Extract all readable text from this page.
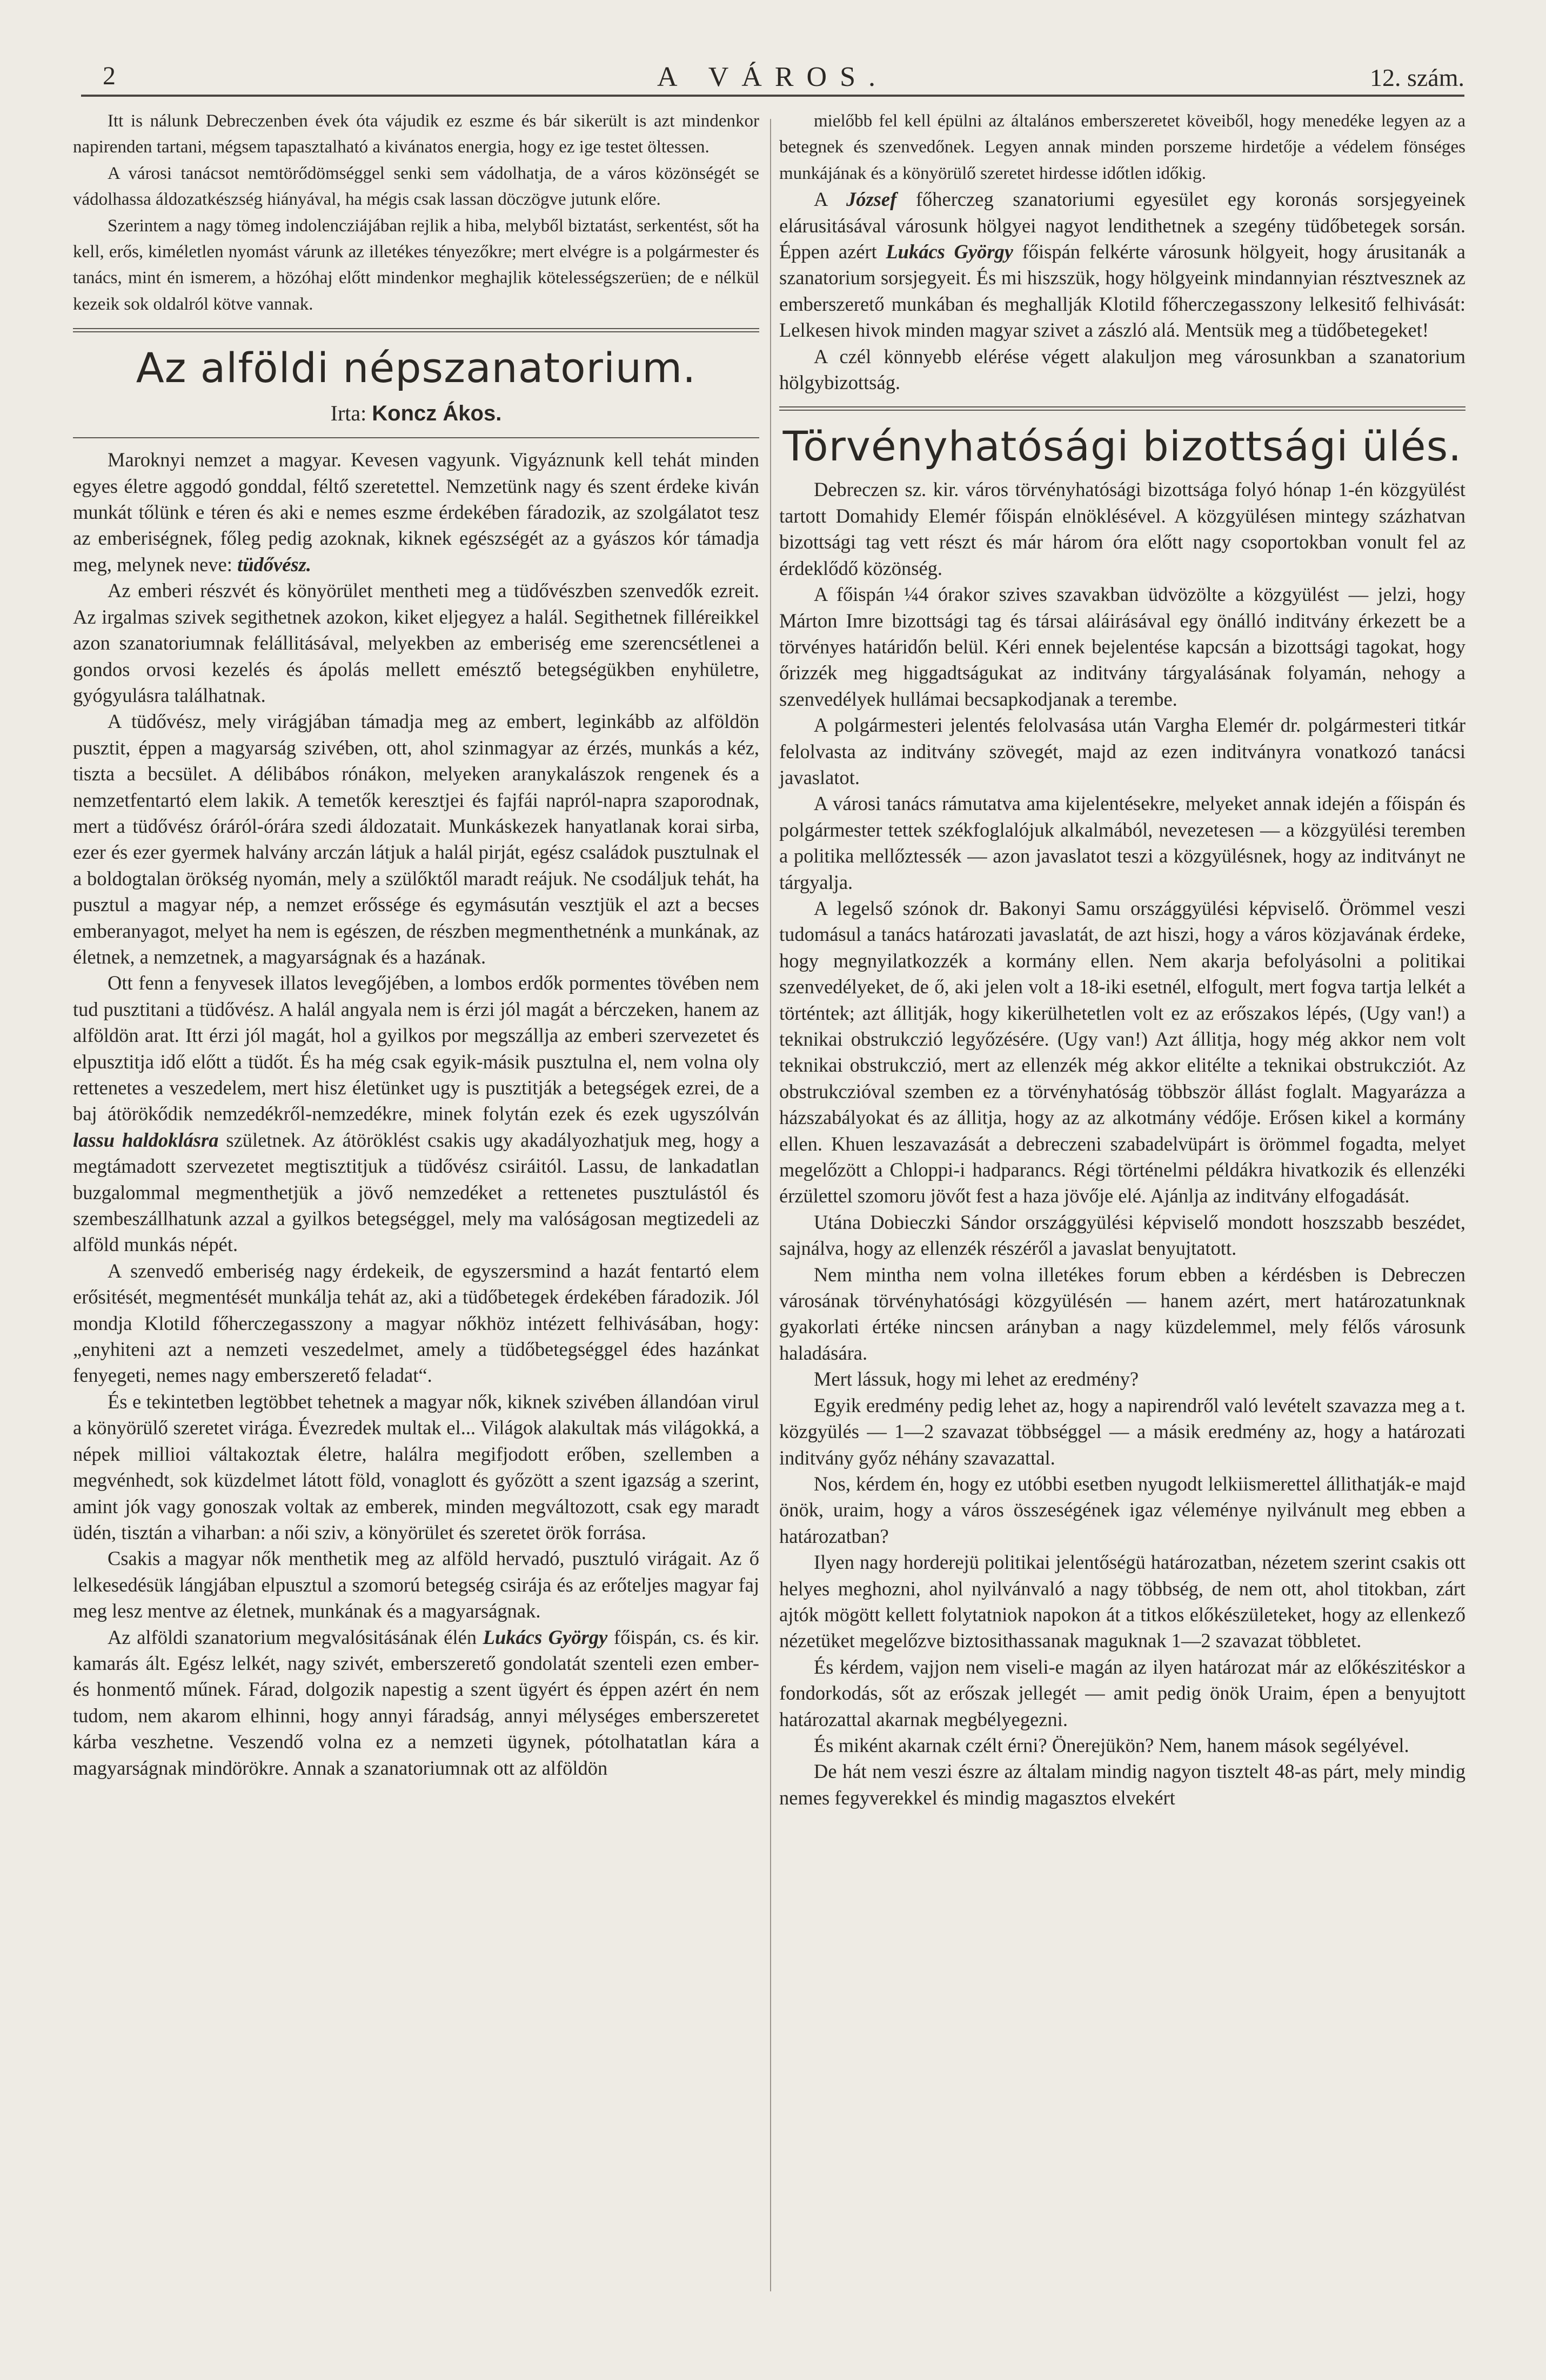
2	A VÁROS.	12. szám.

Itt is nálunk Debreczenben évek óta vájudik ez eszme és bár sikerült is azt mindenkor napirenden tartani, mégsem tapasztalható a kivánatos energia, hogy ez ige testet öltessen.

A városi tanácsot nemtörődömséggel senki sem vádolhatja, de a város közönségét se vádolhassa áldozatkészség hiányával, ha mégis csak lassan döczögve jutunk előre.

Szerintem a nagy tömeg indolencziájában rejlik a hiba, melyből biztatást, serkentést, sőt ha kell, erős, kiméletlen nyomást várunk az illetékes tényezőkre; mert elvégre is a polgármester és tanács, mint én ismerem, a hözóhaj előtt mindenkor meghajlik kötelességszerüen; de e nélkül kezeik sok oldalról kötve vannak.

Az alföldi népszanatorium.
Irta: Koncz Ákos.

Maroknyi nemzet a magyar. Kevesen vagyunk. Vigyáznunk kell tehát minden egyes életre aggodó gonddal, féltő szeretettel. Nemzetünk nagy és szent érdeke kiván munkát tőlünk e téren és aki e nemes eszme érdekében fáradozik, az szolgálatot tesz az emberiségnek, főleg pedig azoknak, kiknek egészségét az a gyászos kór támadja meg, melynek neve: tüdővész.

Az emberi részvét és könyörület mentheti meg a tüdővészben szenvedők ezreit. Az irgalmas szivek segithetnek azokon, kiket eljegyez a halál. Segithetnek filléreikkel azon szanatoriumnak felállitásával, melyekben az emberiség eme szerencsétlenei a gondos orvosi kezelés és ápolás mellett emésztő betegségükben enyhületre, gyógyulásra találhatnak.

A tüdővész, mely virágjában támadja meg az embert, leginkább az alföldön pusztit, éppen a magyarság szivében, ott, ahol szinmagyar az érzés, munkás a kéz, tiszta a becsület. A délibábos rónákon, melyeken aranykalászok rengenek és a nemzetfentartó elem lakik. A temetők keresztjei és fajfái napról-napra szaporodnak, mert a tüdővész óráról-órára szedi áldozatait. Munkáskezek hanyatlanak korai sirba, ezer és ezer gyermek halvány arczán látjuk a halál pirját, egész családok pusztulnak el a boldogtalan örökség nyomán, mely a szülőktől maradt reájuk. Ne csodáljuk tehát, ha pusztul a magyar nép, a nemzet erőssége és egymásután vesztjük el azt a becses emberanyagot, melyet ha nem is egészen, de részben megmenthetnénk a munkának, az életnek, a nemzetnek, a magyarságnak és a hazának.

Ott fenn a fenyvesek illatos levegőjében, a lombos erdők pormentes tövében nem tud pusztitani a tüdővész. A halál angyala nem is érzi jól magát a bérczeken, hanem az alföldön arat. Itt érzi jól magát, hol a gyilkos por megszállja az emberi szervezetet és elpusztitja idő előtt a tüdőt. És ha még csak egyik-másik pusztulna el, nem volna oly rettenetes a veszedelem, mert hisz életünket ugy is pusztitják a betegségek ezrei, de a baj átörökődik nemzedékről-nemzedékre, minek folytán ezek és ezek ugyszólván lassu haldoklásra születnek. Az átöröklést csakis ugy akadályozhatjuk meg, hogy a megtámadott szervezetet megtisztitjuk a tüdővész csiráitól. Lassu, de lankadatlan buzgalommal megmenthetjük a jövő nemzedéket a rettenetes pusztulástól és szembeszállhatunk azzal a gyilkos betegséggel, mely ma valóságosan megtizedeli az alföld munkás népét.

A szenvedő emberiség nagy érdekeik, de egyszersmind a hazát fentartó elem erősitését, megmentését munkálja tehát az, aki a tüdőbetegek érdekében fáradozik. Jól mondja Klotild főherczegasszony a magyar nőkhöz intézett felhivásában, hogy: „enyhiteni azt a nemzeti veszedelmet, amely a tüdőbetegséggel édes hazánkat fenyegeti, nemes nagy emberszerető feladat“.

És e tekintetben legtöbbet tehetnek a magyar nők, kiknek szivében állandóan virul a könyörülő szeretet virága. Évezredek multak el... Világok alakultak más világokká, a népek millioi váltakoztak életre, halálra megifjodott erőben, szellemben a megvénhedt, sok küzdelmet látott föld, vonaglott és győzött a szent igazság a szerint, amint jók vagy gonoszak voltak az emberek, minden megváltozott, csak egy maradt üdén, tisztán a viharban: a női sziv, a könyörület és szeretet örök forrása.

Csakis a magyar nők menthetik meg az alföld hervadó, pusztuló virágait. Az ő lelkesedésük lángjában elpusztul a szomorú betegség csirája és az erőteljes magyar faj meg lesz mentve az életnek, munkának és a magyarságnak.

Az alföldi szanatorium megvalósitásának élén Lukács György főispán, cs. és kir. kamarás ált. Egész lelkét, nagy szivét, emberszerető gondolatát szenteli ezen ember- és honmentő műnek. Fárad, dolgozik napestig a szent ügyért és éppen azért én nem tudom, nem akarom elhinni, hogy annyi fáradság, annyi mélységes emberszeretet kárba veszhetne. Veszendő volna ez a nemzeti ügynek, pótolhatatlan kára a magyarságnak mindörökre. Annak a szanatoriumnak ott az alföldön

mielőbb fel kell épülni az általános emberszeretet köveiből, hogy menedéke legyen az a betegnek és szenvedőnek. Legyen annak minden porszeme hirdetője a védelem fönséges munkájának és a könyörülő szeretet hirdesse időtlen időkig.

A József főherczeg szanatoriumi egyesület egy koronás sorsjegyeinek elárusitásával városunk hölgyei nagyot lendithetnek a szegény tüdőbetegek sorsán. Éppen azért Lukács György főispán felkérte városunk hölgyeit, hogy árusitanák a szanatorium sorsjegyeit. És mi hiszszük, hogy hölgyeink mindannyian résztvesznek az emberszerető munkában és meghallják Klotild főherczegasszony lelkesitő felhivását: Lelkesen hivok minden magyar szivet a zászló alá. Mentsük meg a tüdőbetegeket!

A czél könnyebb elérése végett alakuljon meg városunkban a szanatorium hölgybizottság.

Törvényhatósági bizottsági ülés.

Debreczen sz. kir. város törvényhatósági bizottsága folyó hónap 1-én közgyülést tartott Domahidy Elemér főispán elnöklésével. A közgyülésen mintegy százhatvan bizottsági tag vett részt és már három óra előtt nagy csoportokban vonult fel az érdeklődő közönség.

A főispán ¼4 órakor szives szavakban üdvözölte a közgyülést — jelzi, hogy Márton Imre bizottsági tag és társai aláirásával egy önálló inditvány érkezett be a törvényes határidőn belül. Kéri ennek bejelentése kapcsán a bizottsági tagokat, hogy őrizzék meg higgadtságukat az inditvány tárgyalásának folyamán, nehogy a szenvedélyek hullámai becsapkodjanak a terembe.

A polgármesteri jelentés felolvasása után Vargha Elemér dr. polgármesteri titkár felolvasta az inditvány szövegét, majd az ezen inditványra vonatkozó tanácsi javaslatot.

A városi tanács rámutatva ama kijelentésekre, melyeket annak idején a főispán és polgármester tettek székfoglalójuk alkalmából, nevezetesen — a közgyülési teremben a politika mellőztessék — azon javaslatot teszi a közgyülésnek, hogy az inditványt ne tárgyalja.

A legelső szónok dr. Bakonyi Samu országgyülési képviselő. Örömmel veszi tudomásul a tanács határozati javaslatát, de azt hiszi, hogy a város közjavának érdeke, hogy megnyilatkozzék a kormány ellen. Nem akarja befolyásolni a politikai szenvedélyeket, de ő, aki jelen volt a 18-iki esetnél, elfogult, mert fogva tartja lelkét a történtek; azt állitják, hogy kikerülhetetlen volt ez az erőszakos lépés, (Ugy van!) a teknikai obstrukczió legyőzésére. (Ugy van!) Azt állitja, hogy még akkor nem volt teknikai obstrukczió, mert az ellenzék még akkor elitélte a teknikai obstrukcziót. Az obstrukczióval szemben ez a törvényhatóság többször állást foglalt. Magyarázza a házszabályokat és az állitja, hogy az az alkotmány védője. Erősen kikel a kormány ellen. Khuen leszavazását a debreczeni szabadelvüpárt is örömmel fogadta, melyet megelőzött a Chloppi-i hadparancs. Régi történelmi példákra hivatkozik és ellenzéki érzülettel szomoru jövőt fest a haza jövője elé. Ajánlja az inditvány elfogadását.

Utána Dobieczki Sándor országgyülési képviselő mondott hoszszabb beszédet, sajnálva, hogy az ellenzék részéről a javaslat benyujtatott.

Nem mintha nem volna illetékes forum ebben a kérdésben is Debreczen városának törvényhatósági közgyülésén — hanem azért, mert határozatunknak gyakorlati értéke nincsen arányban a nagy küzdelemmel, mely félős városunk haladására.

Mert lássuk, hogy mi lehet az eredmény?

Egyik eredmény pedig lehet az, hogy a napirendről való levételt szavazza meg a t. közgyülés — 1—2 szavazat többséggel — a másik eredmény az, hogy a határozati inditvány győz néhány szavazattal.

Nos, kérdem én, hogy ez utóbbi esetben nyugodt lelkiismerettel állithatják-e majd önök, uraim, hogy a város összeségének igaz véleménye nyilvánult meg ebben a határozatban?

Ilyen nagy horderejü politikai jelentőségü határozatban, nézetem szerint csakis ott helyes meghozni, ahol nyilvánvaló a nagy többség, de nem ott, ahol titokban, zárt ajtók mögött kellett folytatniok napokon át a titkos előkészületeket, hogy az ellenkező nézetüket megelőzve biztosithassanak maguknak 1—2 szavazat többletet.

És kérdem, vajjon nem viseli-e magán az ilyen határozat már az előkészitéskor a fondorkodás, sőt az erőszak jellegét — amit pedig önök Uraim, épen a benyujtott határozattal akarnak megbélyegezni.

És miként akarnak czélt érni? Önerejükön? Nem, hanem mások segélyével.

De hát nem veszi észre az általam mindig nagyon tisztelt 48-as párt, mely mindig nemes fegyverekkel és mindig magasztos elvekért
